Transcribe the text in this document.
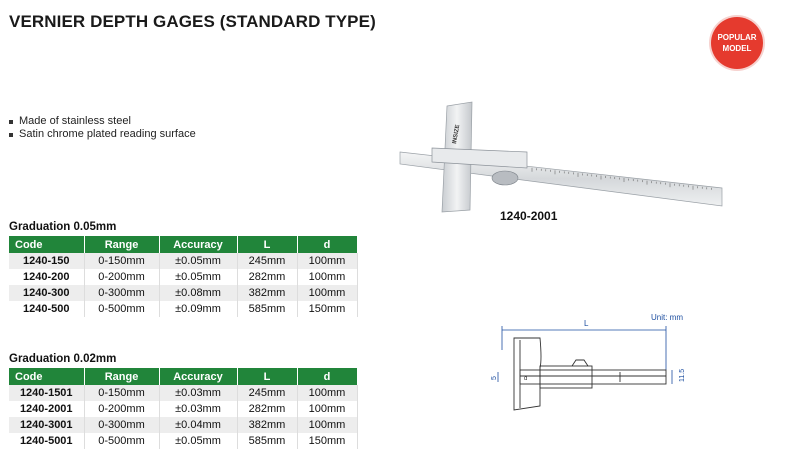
VERNIER DEPTH GAGES (STANDARD TYPE)
POPULAR
MODEL
Made of stainless steel
Satin chrome plated reading surface	INSIZE
1240-2001
Graduation 0.05mm
Code	Range	Accuracy	L	d
1240-150	0-150mm	±0.05mm	245mm	100mm
1240-200	0-200mm	±0.05mm	282mm	100mm
1240-300	0-300mm	±0.08mm	382mm	100mm
1240-500	0-500mm	±0.09mm	585mm	150mm
Graduation 0.02mm
Code	Range	Accuracy	L	d
1240-1501	0-150mm	±0.03mm	245mm	100mm
1240-2001	0-200mm	±0.03mm	282mm	100mm
1240-3001	0-300mm	±0.04mm	382mm	100mm
1240-5001	0-500mm	±0.05mm	585mm	150mm
Unit: mm
L
d
5	11.5
